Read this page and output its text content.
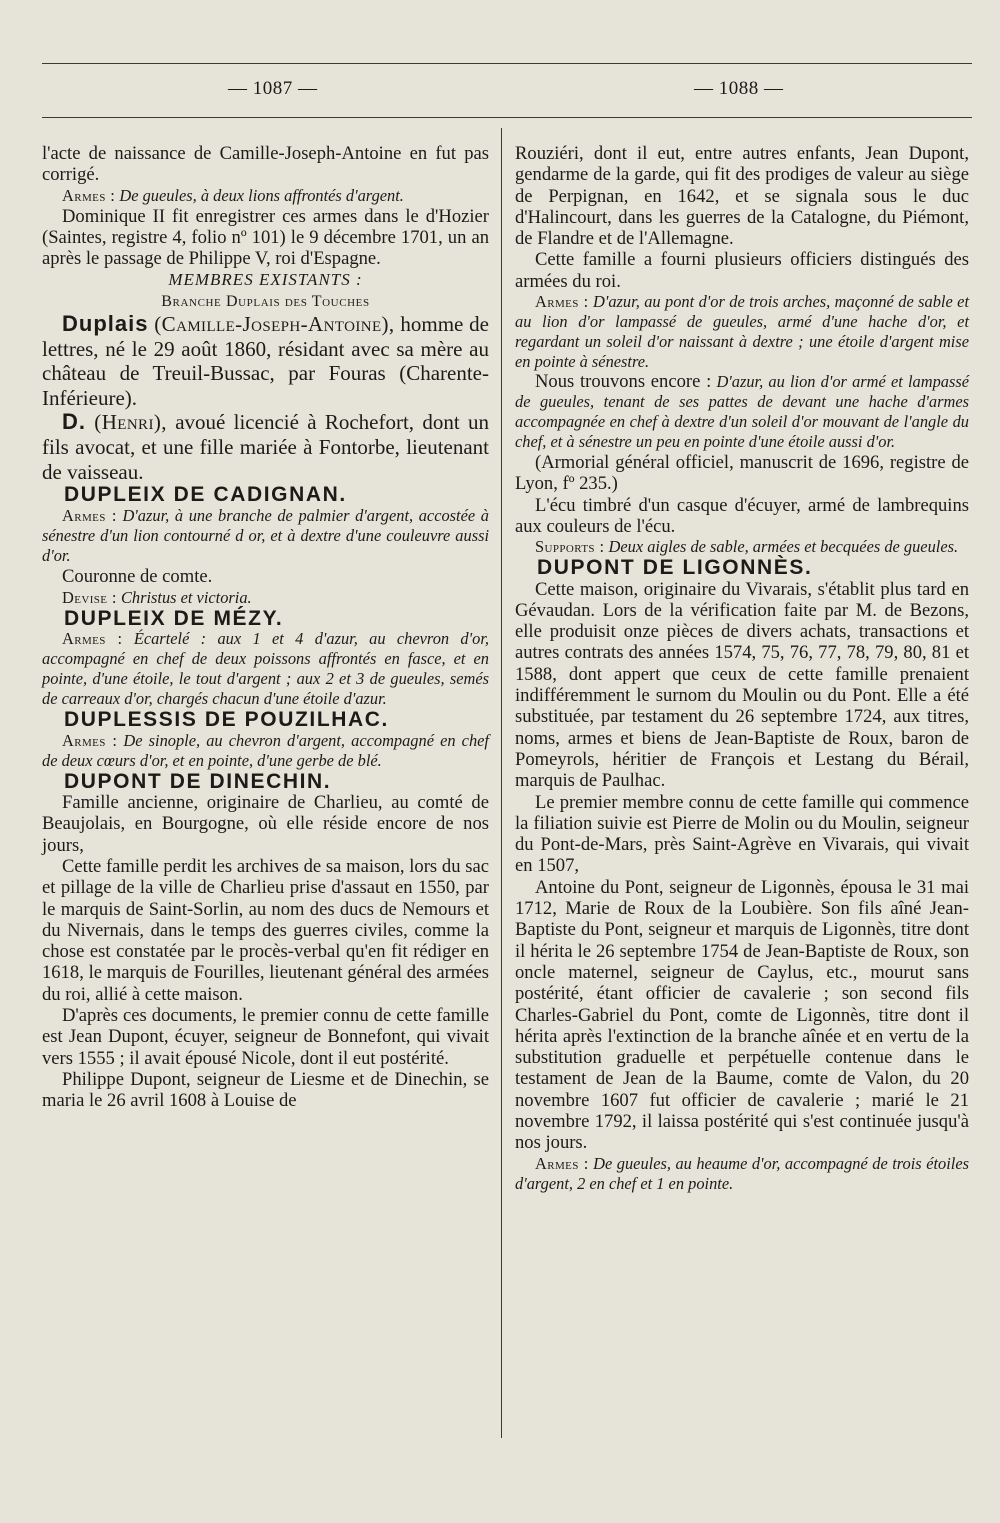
— 1087 —	— 1088 —

l'acte de naissance de Camille-Joseph-Antoine en fut pas corrigé.

Armes : De gueules, à deux lions affrontés d'argent.

Dominique II fit enregistrer ces armes dans le d'Hozier (Saintes, registre 4, folio nº 101) le 9 décembre 1701, un an après le passage de Philippe V, roi d'Espagne.

MEMBRES EXISTANTS :

Branche Duplais des Touches

Duplais (Camille-Joseph-Antoine), homme de lettres, né le 29 août 1860, résidant avec sa mère au château de Treuil-Bussac, par Fouras (Charente-Inférieure).

D. (Henri), avoué licencié à Rochefort, dont un fils avocat, et une fille mariée à Fontorbe, lieutenant de vaisseau.

DUPLEIX DE CADIGNAN.

Armes : D'azur, à une branche de palmier d'argent, accostée à sénestre d'un lion contourné d or, et à dextre d'une couleuvre aussi d'or.

Couronne de comte.

Devise : Christus et victoria.

DUPLEIX DE MÉZY.

Armes : Écartelé : aux 1 et 4 d'azur, au chevron d'or, accompagné en chef de deux poissons affrontés en fasce, et en pointe, d'une étoile, le tout d'argent ; aux 2 et 3 de gueules, semés de carreaux d'or, chargés chacun d'une étoile d'azur.

DUPLESSIS DE POUZILHAC.

Armes : De sinople, au chevron d'argent, accompagné en chef de deux cœurs d'or, et en pointe, d'une gerbe de blé.

DUPONT DE DINECHIN.

Famille ancienne, originaire de Charlieu, au comté de Beaujolais, en Bourgogne, où elle réside encore de nos jours,

Cette famille perdit les archives de sa maison, lors du sac et pillage de la ville de Charlieu prise d'assaut en 1550, par le marquis de Saint-Sorlin, au nom des ducs de Nemours et du Nivernais, dans le temps des guerres civiles, comme la chose est constatée par le procès-verbal qu'en fit rédiger en 1618, le marquis de Fourilles, lieutenant général des armées du roi, allié à cette maison.

D'après ces documents, le premier connu de cette famille est Jean Dupont, écuyer, seigneur de Bonnefont, qui vivait vers 1555 ; il avait épousé Nicole, dont il eut postérité.

Philippe Dupont, seigneur de Liesme et de Dinechin, se maria le 26 avril 1608 à Louise de

Rouziéri, dont il eut, entre autres enfants, Jean Dupont, gendarme de la garde, qui fit des prodiges de valeur au siège de Perpignan, en 1642, et se signala sous le duc d'Halincourt, dans les guerres de la Catalogne, du Piémont, de Flandre et de l'Allemagne.

Cette famille a fourni plusieurs officiers distingués des armées du roi.

Armes : D'azur, au pont d'or de trois arches, maçonné de sable et au lion d'or lampassé de gueules, armé d'une hache d'or, et regardant un soleil d'or naissant à dextre ; une étoile d'argent mise en pointe à sénestre.

Nous trouvons encore : D'azur, au lion d'or armé et lampassé de gueules, tenant de ses pattes de devant une hache d'armes accompagnée en chef à dextre d'un soleil d'or mouvant de l'angle du chef, et à sénestre un peu en pointe d'une étoile aussi d'or.

(Armorial général officiel, manuscrit de 1696, registre de Lyon, fº 235.)

L'écu timbré d'un casque d'écuyer, armé de lambrequins aux couleurs de l'écu.

Supports : Deux aigles de sable, armées et becquées de gueules.

DUPONT DE LIGONNÈS.

Cette maison, originaire du Vivarais, s'établit plus tard en Gévaudan. Lors de la vérification faite par M. de Bezons, elle produisit onze pièces de divers achats, transactions et autres contrats des années 1574, 75, 76, 77, 78, 79, 80, 81 et 1588, dont appert que ceux de cette famille prenaient indifféremment le surnom du Moulin ou du Pont. Elle a été substituée, par testament du 26 septembre 1724, aux titres, noms, armes et biens de Jean-Baptiste de Roux, baron de Pomeyrols, héritier de François et Lestang du Bérail, marquis de Paulhac.

Le premier membre connu de cette famille qui commence la filiation suivie est Pierre de Molin ou du Moulin, seigneur du Pont-de-Mars, près Saint-Agrève en Vivarais, qui vivait en 1507,

Antoine du Pont, seigneur de Ligonnès, épousa le 31 mai 1712, Marie de Roux de la Loubière. Son fils aîné Jean-Baptiste du Pont, seigneur et marquis de Ligonnès, titre dont il hérita le 26 septembre 1754 de Jean-Baptiste de Roux, son oncle maternel, seigneur de Caylus, etc., mourut sans postérité, étant officier de cavalerie ; son second fils Charles-Gabriel du Pont, comte de Ligonnès, titre dont il hérita après l'extinction de la branche aînée et en vertu de la substitution graduelle et perpétuelle contenue dans le testament de Jean de la Baume, comte de Valon, du 20 novembre 1607 fut officier de cavalerie ; marié le 21 novembre 1792, il laissa postérité qui s'est continuée jusqu'à nos jours.

Armes : De gueules, au heaume d'or, accompagné de trois étoiles d'argent, 2 en chef et 1 en pointe.
